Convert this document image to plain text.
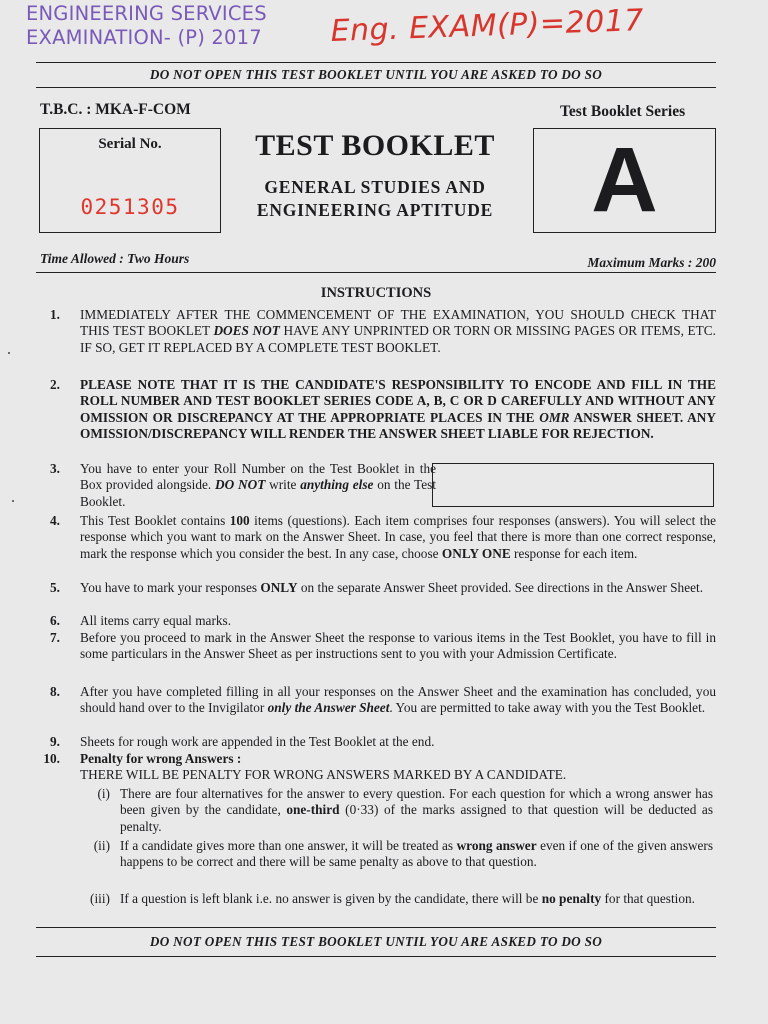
ENGINEERING SERVICES
EXAMINATION- (P) 2017 Eng. EXAM(P)=2017
DO NOT OPEN THIS TEST BOOKLET UNTIL YOU ARE ASKED TO DO SO
T.B.C. : MKA-F-COM	Test Booklet Series
Serial No.
0251305
TEST BOOKLET
GENERAL STUDIES AND
ENGINEERING APTITUDE	A
Time Allowed : Two Hours	Maximum Marks : 200
INSTRUCTIONS
1. IMMEDIATELY AFTER THE COMMENCEMENT OF THE EXAMINATION, YOU SHOULD CHECK THAT THIS TEST BOOKLET DOES NOT HAVE ANY UNPRINTED OR TORN OR MISSING PAGES OR ITEMS, ETC. IF SO, GET IT REPLACED BY A COMPLETE TEST BOOKLET.
2. PLEASE NOTE THAT IT IS THE CANDIDATE'S RESPONSIBILITY TO ENCODE AND FILL IN THE ROLL NUMBER AND TEST BOOKLET SERIES CODE A, B, C OR D CAREFULLY AND WITHOUT ANY OMISSION OR DISCREPANCY AT THE APPROPRIATE PLACES IN THE OMR ANSWER SHEET. ANY OMISSION/DISCREPANCY WILL RENDER THE ANSWER SHEET LIABLE FOR REJECTION.
3. You have to enter your Roll Number on the Test Booklet in the Box provided alongside. DO NOT write anything else on the Test Booklet.
4. This Test Booklet contains 100 items (questions). Each item comprises four responses (answers). You will select the response which you want to mark on the Answer Sheet. In case, you feel that there is more than one correct response, mark the response which you consider the best. In any case, choose ONLY ONE response for each item.
5. You have to mark your responses ONLY on the separate Answer Sheet provided. See directions in the Answer Sheet.
6. All items carry equal marks.
7. Before you proceed to mark in the Answer Sheet the response to various items in the Test Booklet, you have to fill in some particulars in the Answer Sheet as per instructions sent to you with your Admission Certificate.
8. After you have completed filling in all your responses on the Answer Sheet and the examination has concluded, you should hand over to the Invigilator only the Answer Sheet. You are permitted to take away with you the Test Booklet.
9. Sheets for rough work are appended in the Test Booklet at the end.
10. Penalty for wrong Answers :
THERE WILL BE PENALTY FOR WRONG ANSWERS MARKED BY A CANDIDATE.
(i) There are four alternatives for the answer to every question. For each question for which a wrong answer has been given by the candidate, one-third (0·33) of the marks assigned to that question will be deducted as penalty.
(ii) If a candidate gives more than one answer, it will be treated as wrong answer even if one of the given answers happens to be correct and there will be same penalty as above to that question.
(iii) If a question is left blank i.e. no answer is given by the candidate, there will be no penalty for that question.
DO NOT OPEN THIS TEST BOOKLET UNTIL YOU ARE ASKED TO DO SO
